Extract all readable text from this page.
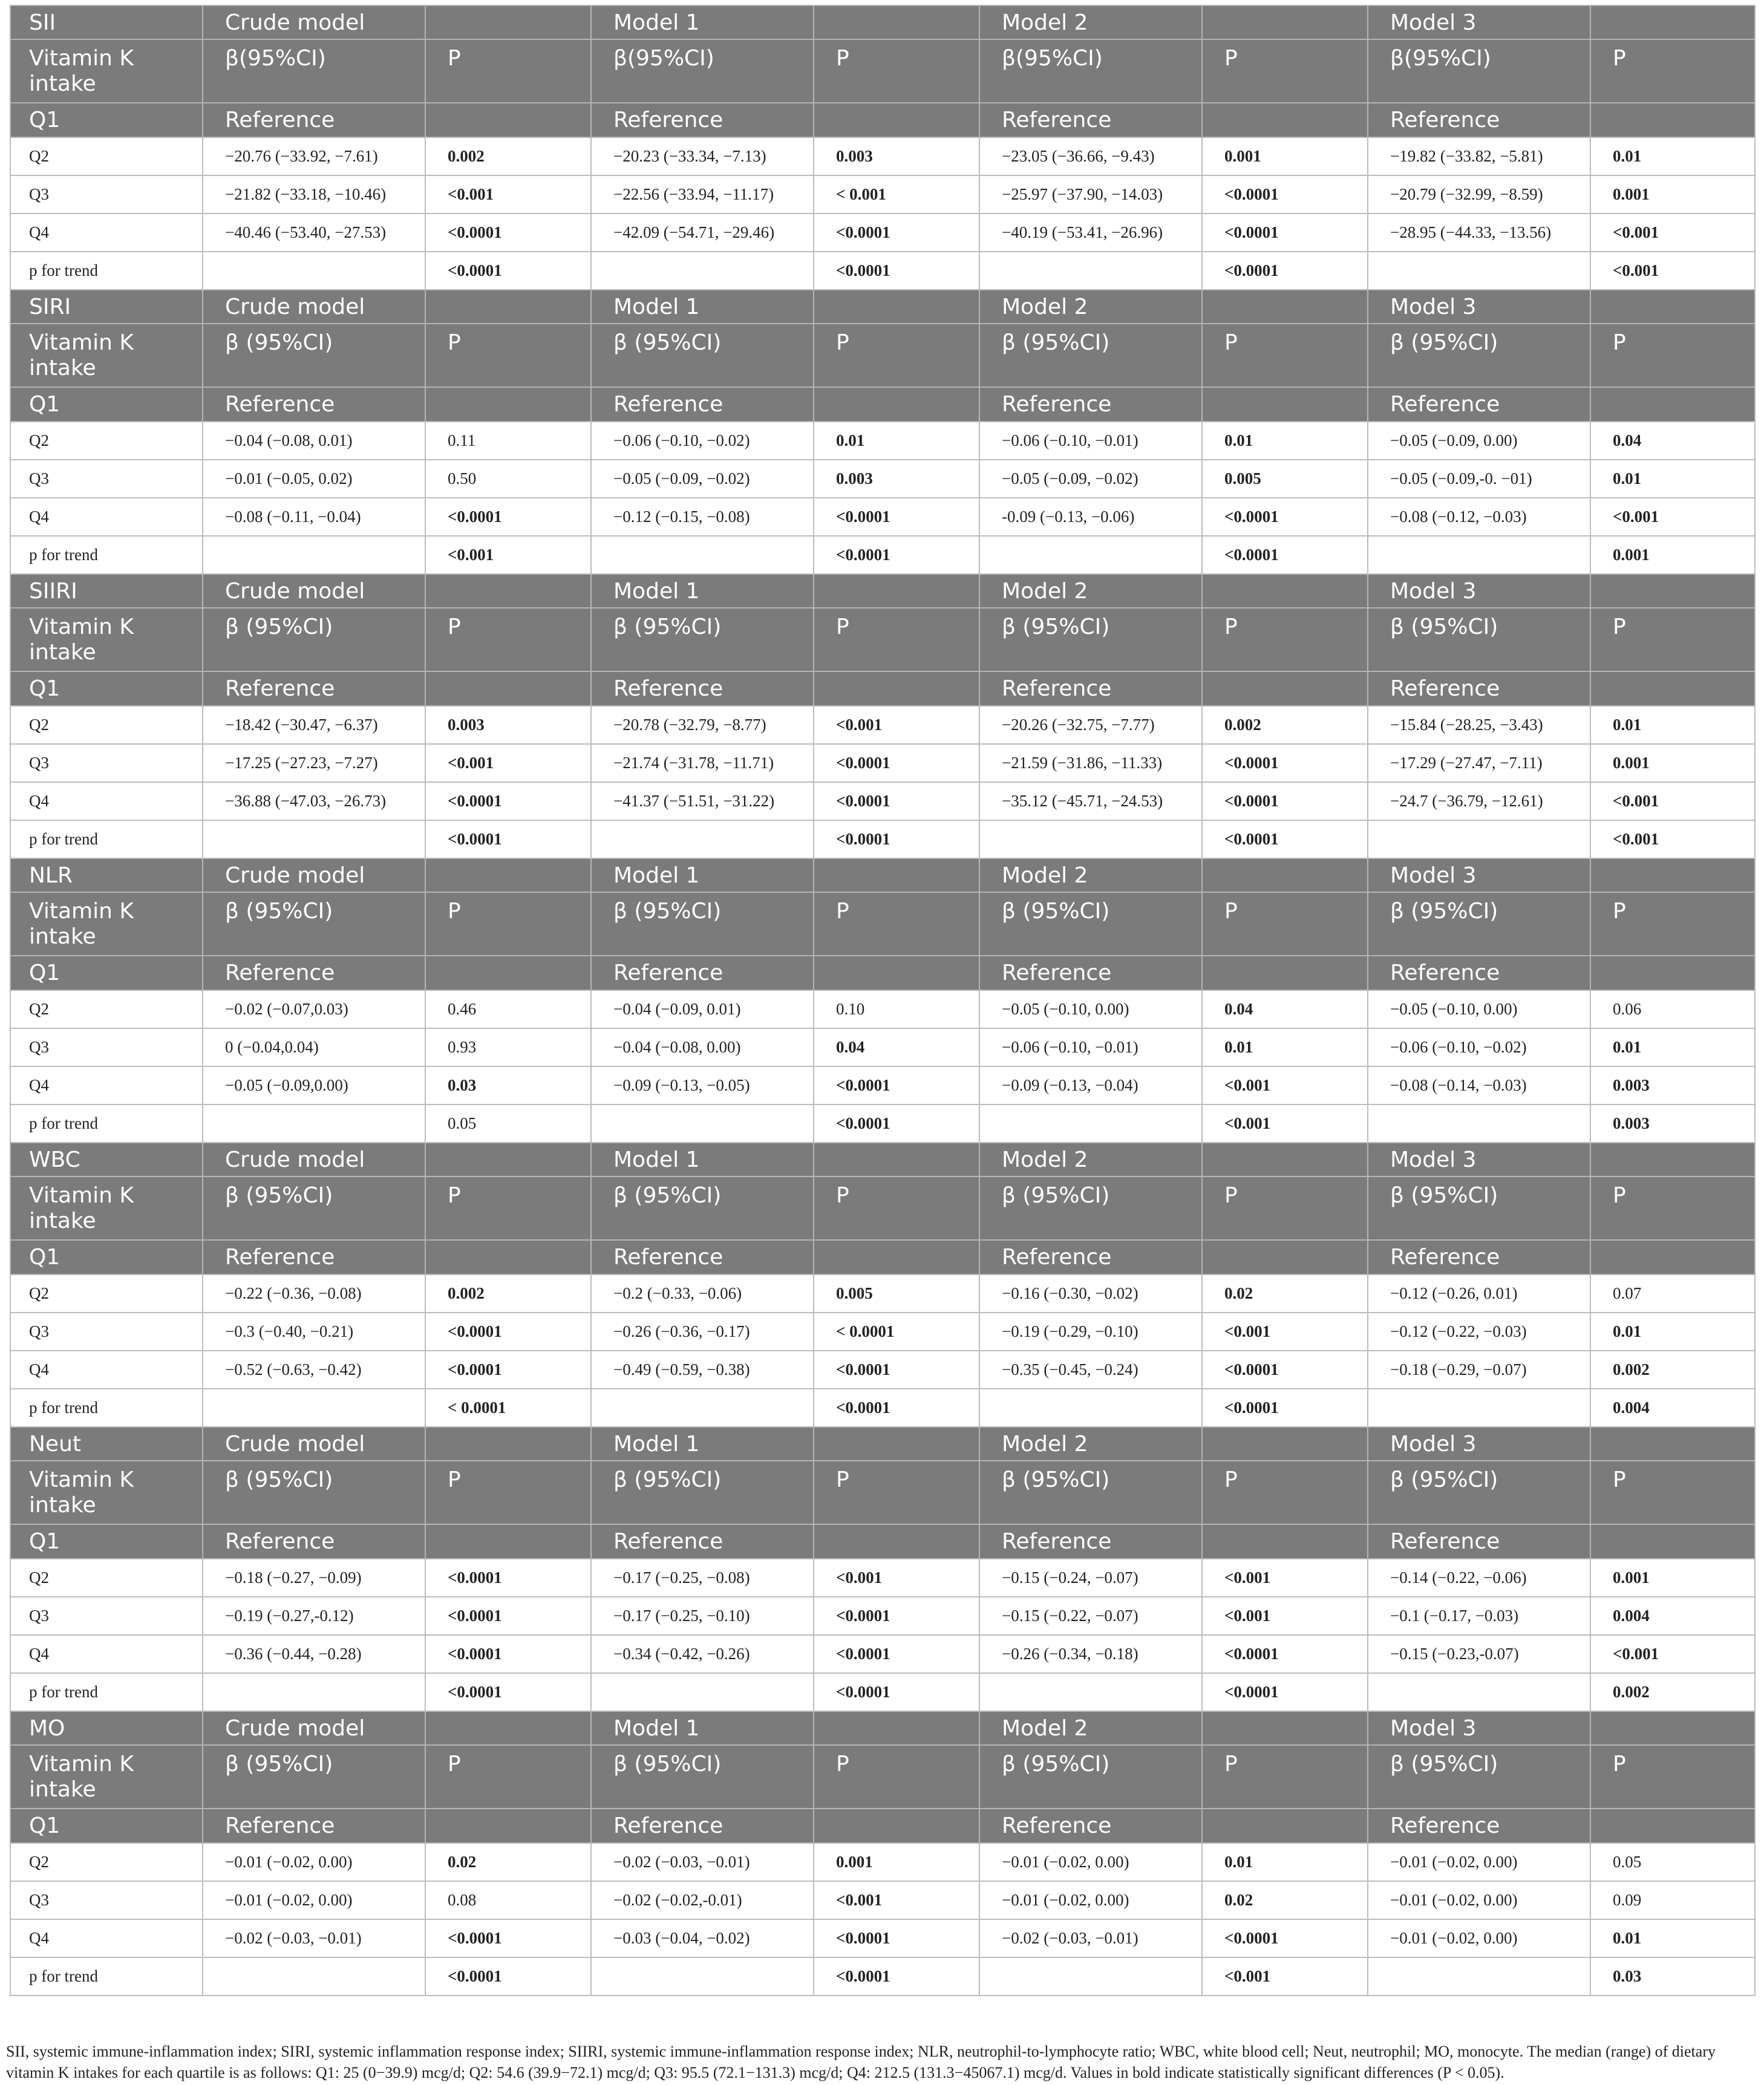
SII	Crude model		Model 1		Model 2		Model 3	
Vitamin K intake	β(95%CI)	P	β(95%CI)	P	β(95%CI)	P	β(95%CI)	P
Q1	Reference		Reference		Reference		Reference	
Q2	−20.76 (−33.92, −7.61)	0.002	−20.23 (−33.34, −7.13)	0.003	−23.05 (−36.66, −9.43)	0.001	−19.82 (−33.82, −5.81)	0.01
Q3	−21.82 (−33.18, −10.46)	<0.001	−22.56 (−33.94, −11.17)	< 0.001	−25.97 (−37.90, −14.03)	<0.0001	−20.79 (−32.99, −8.59)	0.001
Q4	−40.46 (−53.40, −27.53)	<0.0001	−42.09 (−54.71, −29.46)	<0.0001	−40.19 (−53.41, −26.96)	<0.0001	−28.95 (−44.33, −13.56)	<0.001
p for trend		<0.0001		<0.0001		<0.0001		<0.001
SIRI	Crude model		Model 1		Model 2		Model 3	
Vitamin K intake	β (95%CI)	P	β (95%CI)	P	β (95%CI)	P	β (95%CI)	P
Q1	Reference		Reference		Reference		Reference	
Q2	−0.04 (−0.08, 0.01)	0.11	−0.06 (−0.10, −0.02)	0.01	−0.06 (−0.10, −0.01)	0.01	−0.05 (−0.09, 0.00)	0.04
Q3	−0.01 (−0.05, 0.02)	0.50	−0.05 (−0.09, −0.02)	0.003	−0.05 (−0.09, −0.02)	0.005	−0.05 (−0.09,-0. −01)	0.01
Q4	−0.08 (−0.11, −0.04)	<0.0001	−0.12 (−0.15, −0.08)	<0.0001	-0.09 (−0.13, −0.06)	<0.0001	−0.08 (−0.12, −0.03)	<0.001
p for trend		<0.001		<0.0001		<0.0001		0.001
SIIRI	Crude model		Model 1		Model 2		Model 3	
Vitamin K intake	β (95%CI)	P	β (95%CI)	P	β (95%CI)	P	β (95%CI)	P
Q1	Reference		Reference		Reference		Reference	
Q2	−18.42 (−30.47, −6.37)	0.003	−20.78 (−32.79, −8.77)	<0.001	−20.26 (−32.75, −7.77)	0.002	−15.84 (−28.25, −3.43)	0.01
Q3	−17.25 (−27.23, −7.27)	<0.001	−21.74 (−31.78, −11.71)	<0.0001	−21.59 (−31.86, −11.33)	<0.0001	−17.29 (−27.47, −7.11)	0.001
Q4	−36.88 (−47.03, −26.73)	<0.0001	−41.37 (−51.51, −31.22)	<0.0001	−35.12 (−45.71, −24.53)	<0.0001	−24.7 (−36.79, −12.61)	<0.001
p for trend		<0.0001		<0.0001		<0.0001		<0.001
NLR	Crude model		Model 1		Model 2		Model 3	
Vitamin K intake	β (95%CI)	P	β (95%CI)	P	β (95%CI)	P	β (95%CI)	P
Q1	Reference		Reference		Reference		Reference	
Q2	−0.02 (−0.07,0.03)	0.46	−0.04 (−0.09, 0.01)	0.10	−0.05 (−0.10, 0.00)	0.04	−0.05 (−0.10, 0.00)	0.06
Q3	0 (−0.04,0.04)	0.93	−0.04 (−0.08, 0.00)	0.04	−0.06 (−0.10, −0.01)	0.01	−0.06 (−0.10, −0.02)	0.01
Q4	−0.05 (−0.09,0.00)	0.03	−0.09 (−0.13, −0.05)	<0.0001	−0.09 (−0.13, −0.04)	<0.001	−0.08 (−0.14, −0.03)	0.003
p for trend		0.05		<0.0001		<0.001		0.003
WBC	Crude model		Model 1		Model 2		Model 3	
Vitamin K intake	β (95%CI)	P	β (95%CI)	P	β (95%CI)	P	β (95%CI)	P
Q1	Reference		Reference		Reference		Reference	
Q2	−0.22 (−0.36, −0.08)	0.002	−0.2 (−0.33, −0.06)	0.005	−0.16 (−0.30, −0.02)	0.02	−0.12 (−0.26, 0.01)	0.07
Q3	−0.3 (−0.40, −0.21)	<0.0001	−0.26 (−0.36, −0.17)	< 0.0001	−0.19 (−0.29, −0.10)	<0.001	−0.12 (−0.22, −0.03)	0.01
Q4	−0.52 (−0.63, −0.42)	<0.0001	−0.49 (−0.59, −0.38)	<0.0001	−0.35 (−0.45, −0.24)	<0.0001	−0.18 (−0.29, −0.07)	0.002
p for trend		< 0.0001		<0.0001		<0.0001		0.004
Neut	Crude model		Model 1		Model 2		Model 3	
Vitamin K intake	β (95%CI)	P	β (95%CI)	P	β (95%CI)	P	β (95%CI)	P
Q1	Reference		Reference		Reference		Reference	
Q2	−0.18 (−0.27, −0.09)	<0.0001	−0.17 (−0.25, −0.08)	<0.001	−0.15 (−0.24, −0.07)	<0.001	−0.14 (−0.22, −0.06)	0.001
Q3	−0.19 (−0.27,-0.12)	<0.0001	−0.17 (−0.25, −0.10)	<0.0001	−0.15 (−0.22, −0.07)	<0.001	−0.1 (−0.17, −0.03)	0.004
Q4	−0.36 (−0.44, −0.28)	<0.0001	−0.34 (−0.42, −0.26)	<0.0001	−0.26 (−0.34, −0.18)	<0.0001	−0.15 (−0.23,-0.07)	<0.001
p for trend		<0.0001		<0.0001		<0.0001		0.002
MO	Crude model		Model 1		Model 2		Model 3	
Vitamin K intake	β (95%CI)	P	β (95%CI)	P	β (95%CI)	P	β (95%CI)	P
Q1	Reference		Reference		Reference		Reference	
Q2	−0.01 (−0.02, 0.00)	0.02	−0.02 (−0.03, −0.01)	0.001	−0.01 (−0.02, 0.00)	0.01	−0.01 (−0.02, 0.00)	0.05
Q3	−0.01 (−0.02, 0.00)	0.08	−0.02 (−0.02,-0.01)	<0.001	−0.01 (−0.02, 0.00)	0.02	−0.01 (−0.02, 0.00)	0.09
Q4	−0.02 (−0.03, −0.01)	<0.0001	−0.03 (−0.04, −0.02)	<0.0001	−0.02 (−0.03, −0.01)	<0.0001	−0.01 (−0.02, 0.00)	0.01
p for trend		<0.0001		<0.0001		<0.001		0.03
SII, systemic immune-inflammation index; SIRI, systemic inflammation response index; SIIRI, systemic immune-inflammation response index; NLR, neutrophil-to-lymphocyte ratio; WBC, white blood cell; Neut, neutrophil; MO, monocyte. The median (range) of dietary vitamin K intakes for each quartile is as follows: Q1: 25 (0−39.9) mcg/d; Q2: 54.6 (39.9−72.1) mcg/d; Q3: 95.5 (72.1−131.3) mcg/d; Q4: 212.5 (131.3−45067.1) mcg/d. Values in bold indicate statistically significant differences (P < 0.05).
